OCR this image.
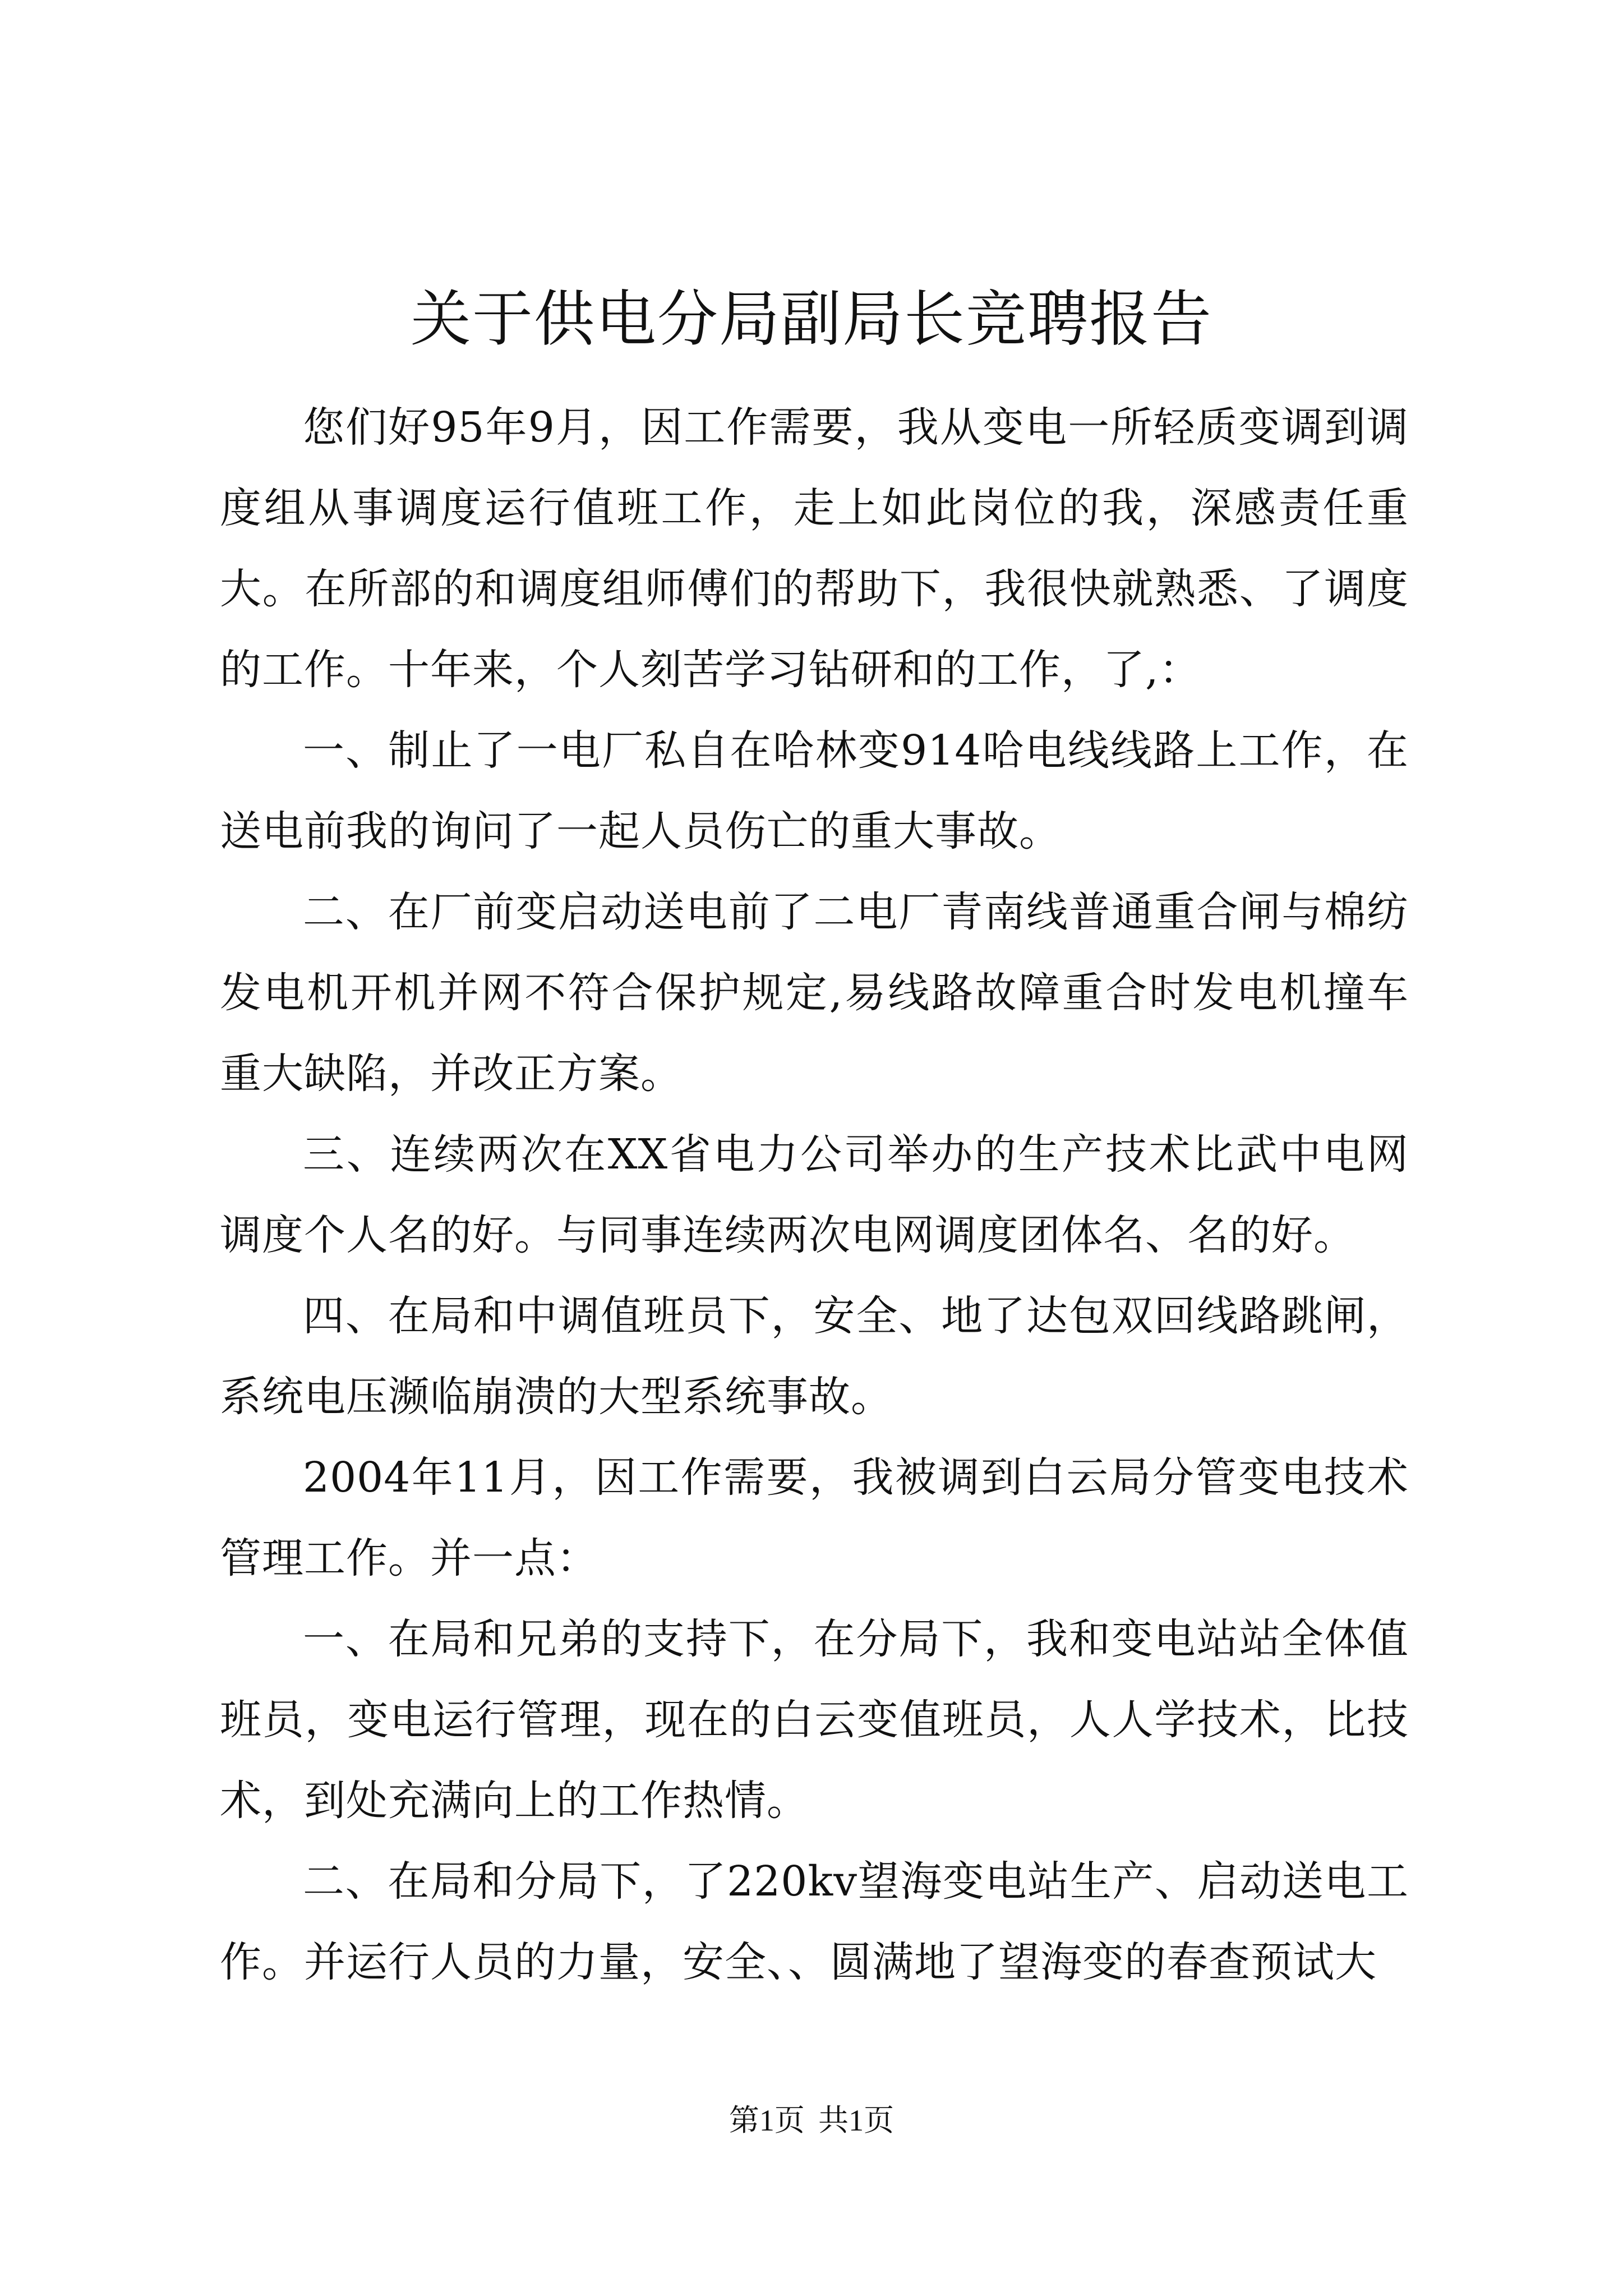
关于供电分局副局长竞聘报告

您们好95年9月，因工作需要，我从变电一所轻质变调到调度组从事调度运行值班工作，走上如此岗位的我，深感责任重大。在所部的和调度组师傅们的帮助下，我很快就熟悉、了调度的工作。十年来，个人刻苦学习钻研和的工作，了,：

一、制止了一电厂私自在哈林变914哈电线线路上工作，在送电前我的询问了一起人员伤亡的重大事故。

二、在厂前变启动送电前了二电厂青南线普通重合闸与棉纺发电机开机并网不符合保护规定,易线路故障重合时发电机撞车重大缺陷，并改正方案。

三、连续两次在XX省电力公司举办的生产技术比武中电网调度个人名的好。与同事连续两次电网调度团体名、名的好。

四、在局和中调值班员下，安全、地了达包双回线路跳闸，系统电压濒临崩溃的大型系统事故。

2004年11月，因工作需要，我被调到白云局分管变电技术管理工作。并一点：

一、在局和兄弟的支持下，在分局下，我和变电站站全体值班员，变电运行管理，现在的白云变值班员，人人学技术，比技术，到处充满向上的工作热情。

二、在局和分局下，了220kv望海变电站生产、启动送电工作。并运行人员的力量，安全、、圆满地了望海变的春查预试大

第1页 共1页
